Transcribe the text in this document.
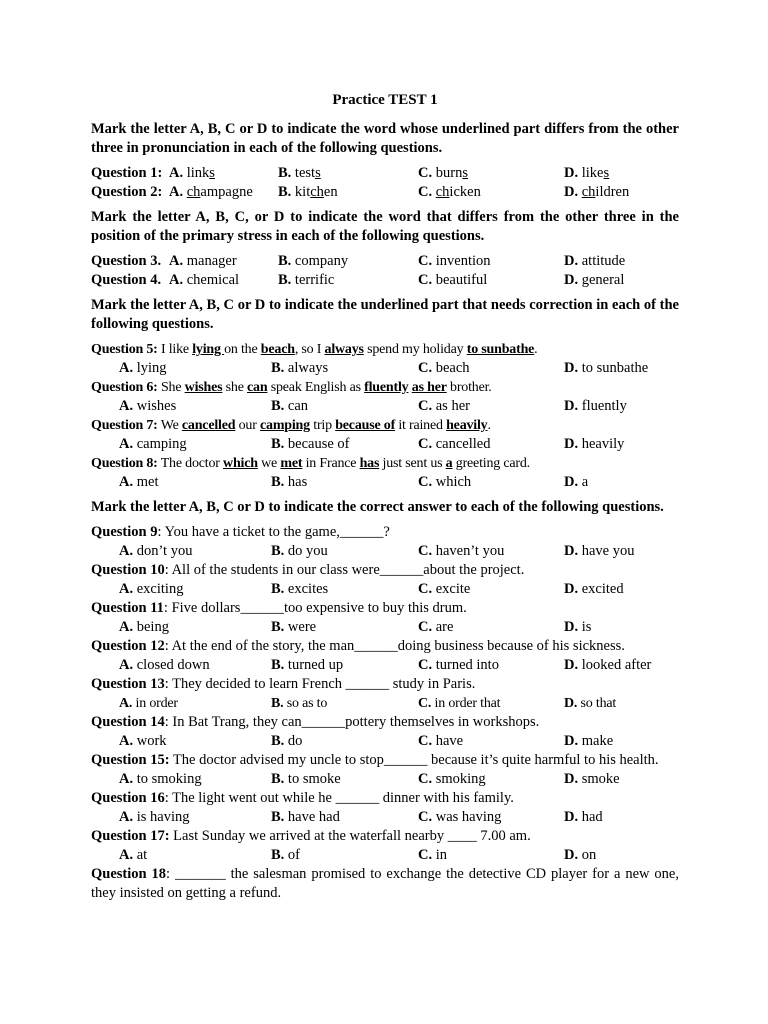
Practice TEST 1
Mark the letter A, B, C or D to indicate the word whose underlined part differs from the other three in pronunciation in each of the following questions.
Question 1: A. links	B. tests	C. burns	D. likes
Question 2: A. champagne B. kitchen	C. chicken	D. children
Mark the letter A, B, C, or D to indicate the word that differs from the other three in the position of the primary stress in each of the following questions.
Question 3. A. manager	B. company	C. invention	D. attitude
Question 4. A. chemical	B. terrific	C. beautiful	D. general
Mark the letter A, B, C or D to indicate the underlined part that needs correction in each of the following questions.
Question 5: I like lying on the beach, so I always spend my holiday to sunbathe.
A. lying	B. always	C. beach	D. to sunbathe
Question 6: She wishes she can speak English as fluently as her brother.
A. wishes	B. can	C. as her	D. fluently
Question 7: We cancelled our camping trip because of it rained heavily.
A. camping	B. because of	C. cancelled	D. heavily
Question 8: The doctor which we met in France has just sent us a greeting card.
A. met	B. has	C. which	D. a
Mark the letter A, B, C or D to indicate the correct answer to each of the following questions.
Question 9: You have a ticket to the game,______?
A. don’t you	B. do you	C. haven’t you	D. have you
Question 10: All of the students in our class were______about the project.
A. exciting	B. excites	C. excite	D. excited
Question 11: Five dollars______too expensive to buy this drum.
A. being	B. were	C. are	D. is
Question 12: At the end of the story, the man______doing business because of his sickness.
A. closed down	B. turned up	C. turned into	D. looked after
Question 13: They decided to learn French ______ study in Paris.
A. in order	B. so as to	C. in order that	D. so that
Question 14: In Bat Trang, they can______pottery themselves in workshops.
A. work	B. do	C. have	D. make
Question 15: The doctor advised my uncle to stop______ because it’s quite harmful to his health.
A. to smoking	B. to smoke	C. smoking	D. smoke
Question 16: The light went out while he ______ dinner with his family.
A. is having	B. have had	C. was having	D. had
Question 17: Last Sunday we arrived at the waterfall nearby ____ 7.00 am.
A. at	B. of	C. in	D. on
Question 18: _______ the salesman promised to exchange the detective CD player for a new one, they insisted on getting a refund.
